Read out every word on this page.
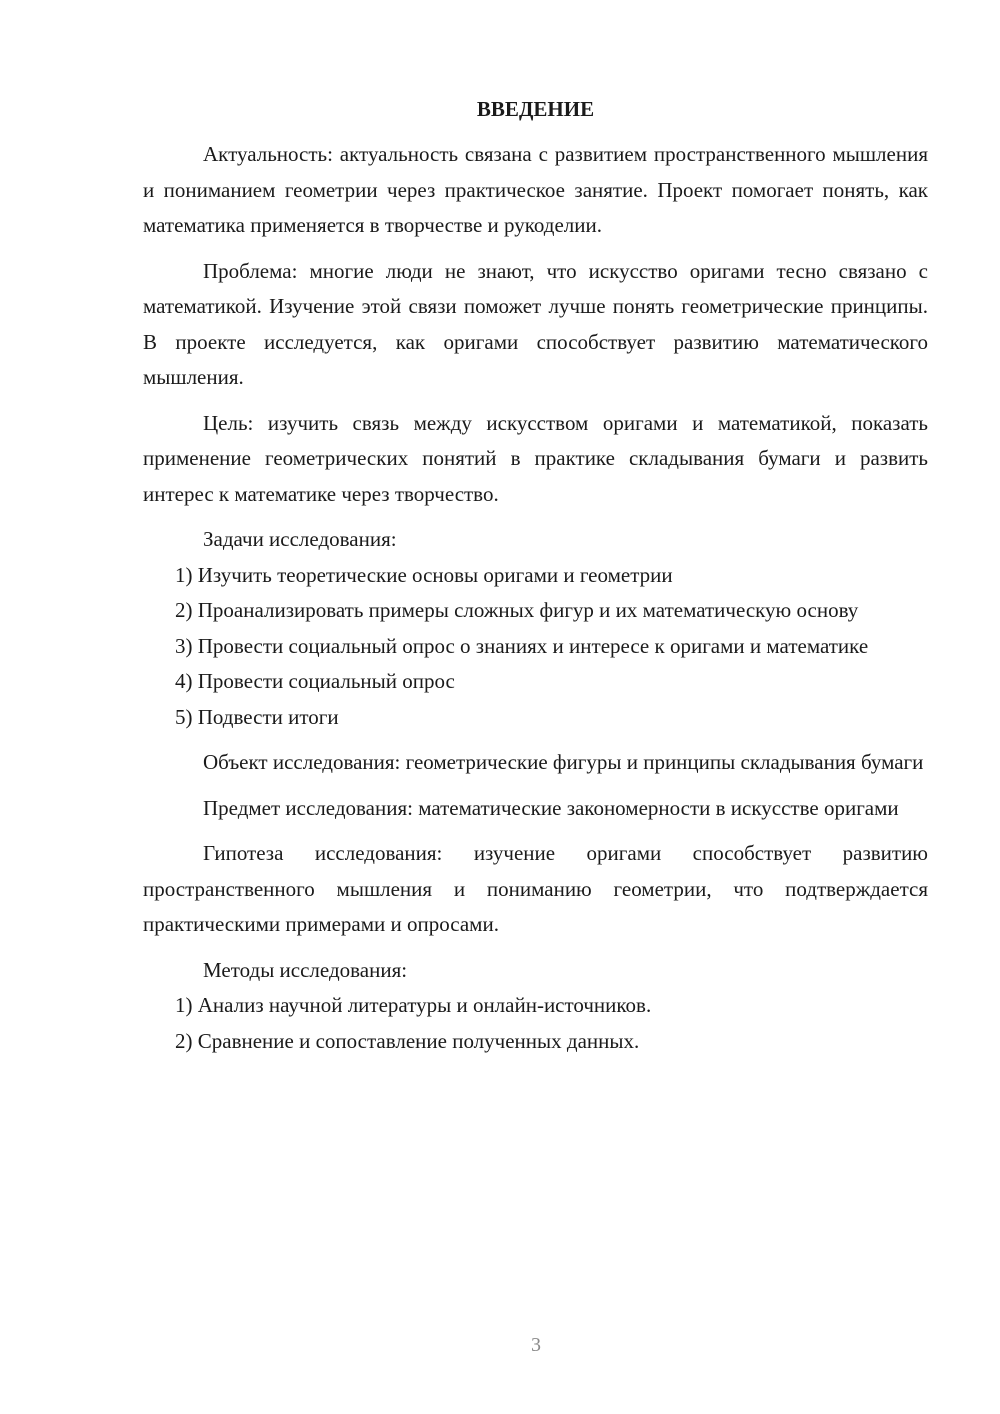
ВВЕДЕНИЕ

Актуальность: актуальность связана с развитием пространственного мышления и пониманием геометрии через практическое занятие. Проект помогает понять, как математика применяется в творчестве и рукоделии.

Проблема: многие люди не знают, что искусство оригами тесно связано с математикой. Изучение этой связи поможет лучше понять геометрические принципы. В проекте исследуется, как оригами способствует развитию математического мышления.

Цель: изучить связь между искусством оригами и математикой, показать применение геометрических понятий в практике складывания бумаги и развить интерес к математике через творчество.

Задачи исследования:

1) Изучить теоретические основы оригами и геометрии

2) Проанализировать примеры сложных фигур и их математическую основу

3) Провести социальный опрос о знаниях и интересе к оригами и математике

4) Провести социальный опрос

5) Подвести итоги

Объект исследования: геометрические фигуры и принципы складывания бумаги

Предмет исследования: математические закономерности в искусстве оригами

Гипотеза исследования: изучение оригами способствует развитию пространственного мышления и пониманию геометрии, что подтверждается практическими примерами и опросами.

Методы исследования:

1) Анализ научной литературы и онлайн-источников.

2) Сравнение и сопоставление полученных данных.

3
